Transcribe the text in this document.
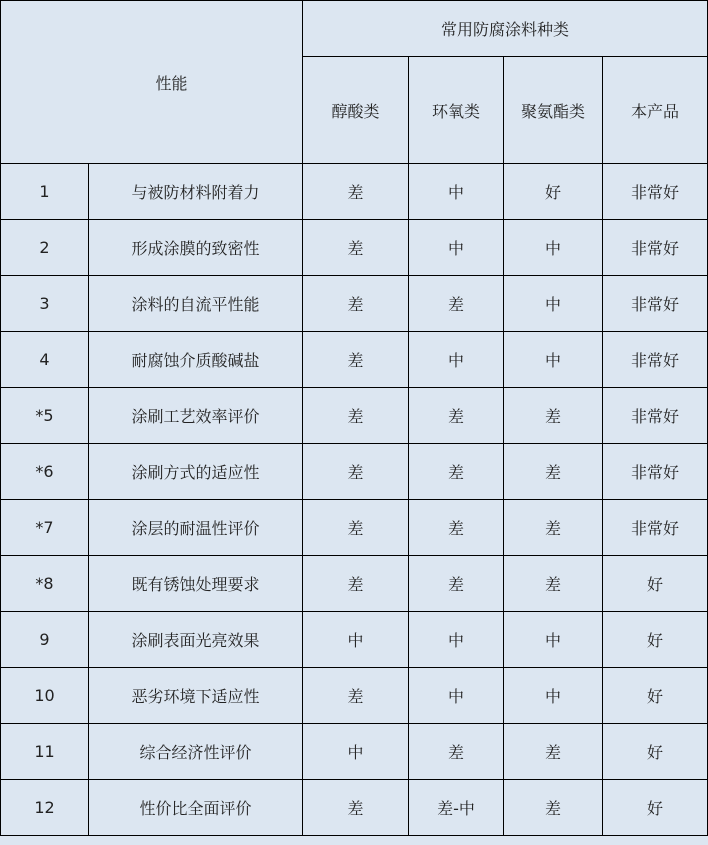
性能		常用防腐涂料种类			
		醇酸类	环氧类	聚氨酯类	本产品
1	与被防材料附着力	差	中	好	非常好
2	形成涂膜的致密性	差	中	中	非常好
3	涂料的自流平性能	差	差	中	非常好
4	耐腐蚀介质酸碱盐	差	中	中	非常好
*5	涂刷工艺效率评价	差	差	差	非常好
*6	涂刷方式的适应性	差	差	差	非常好
*7	涂层的耐温性评价	差	差	差	非常好
*8	既有锈蚀处理要求	差	差	差	好
9	涂刷表面光亮效果	中	中	中	好
10	恶劣环境下适应性	差	中	中	好
11	综合经济性评价	中	差	差	好
12	性价比全面评价	差	差-中	差	好
